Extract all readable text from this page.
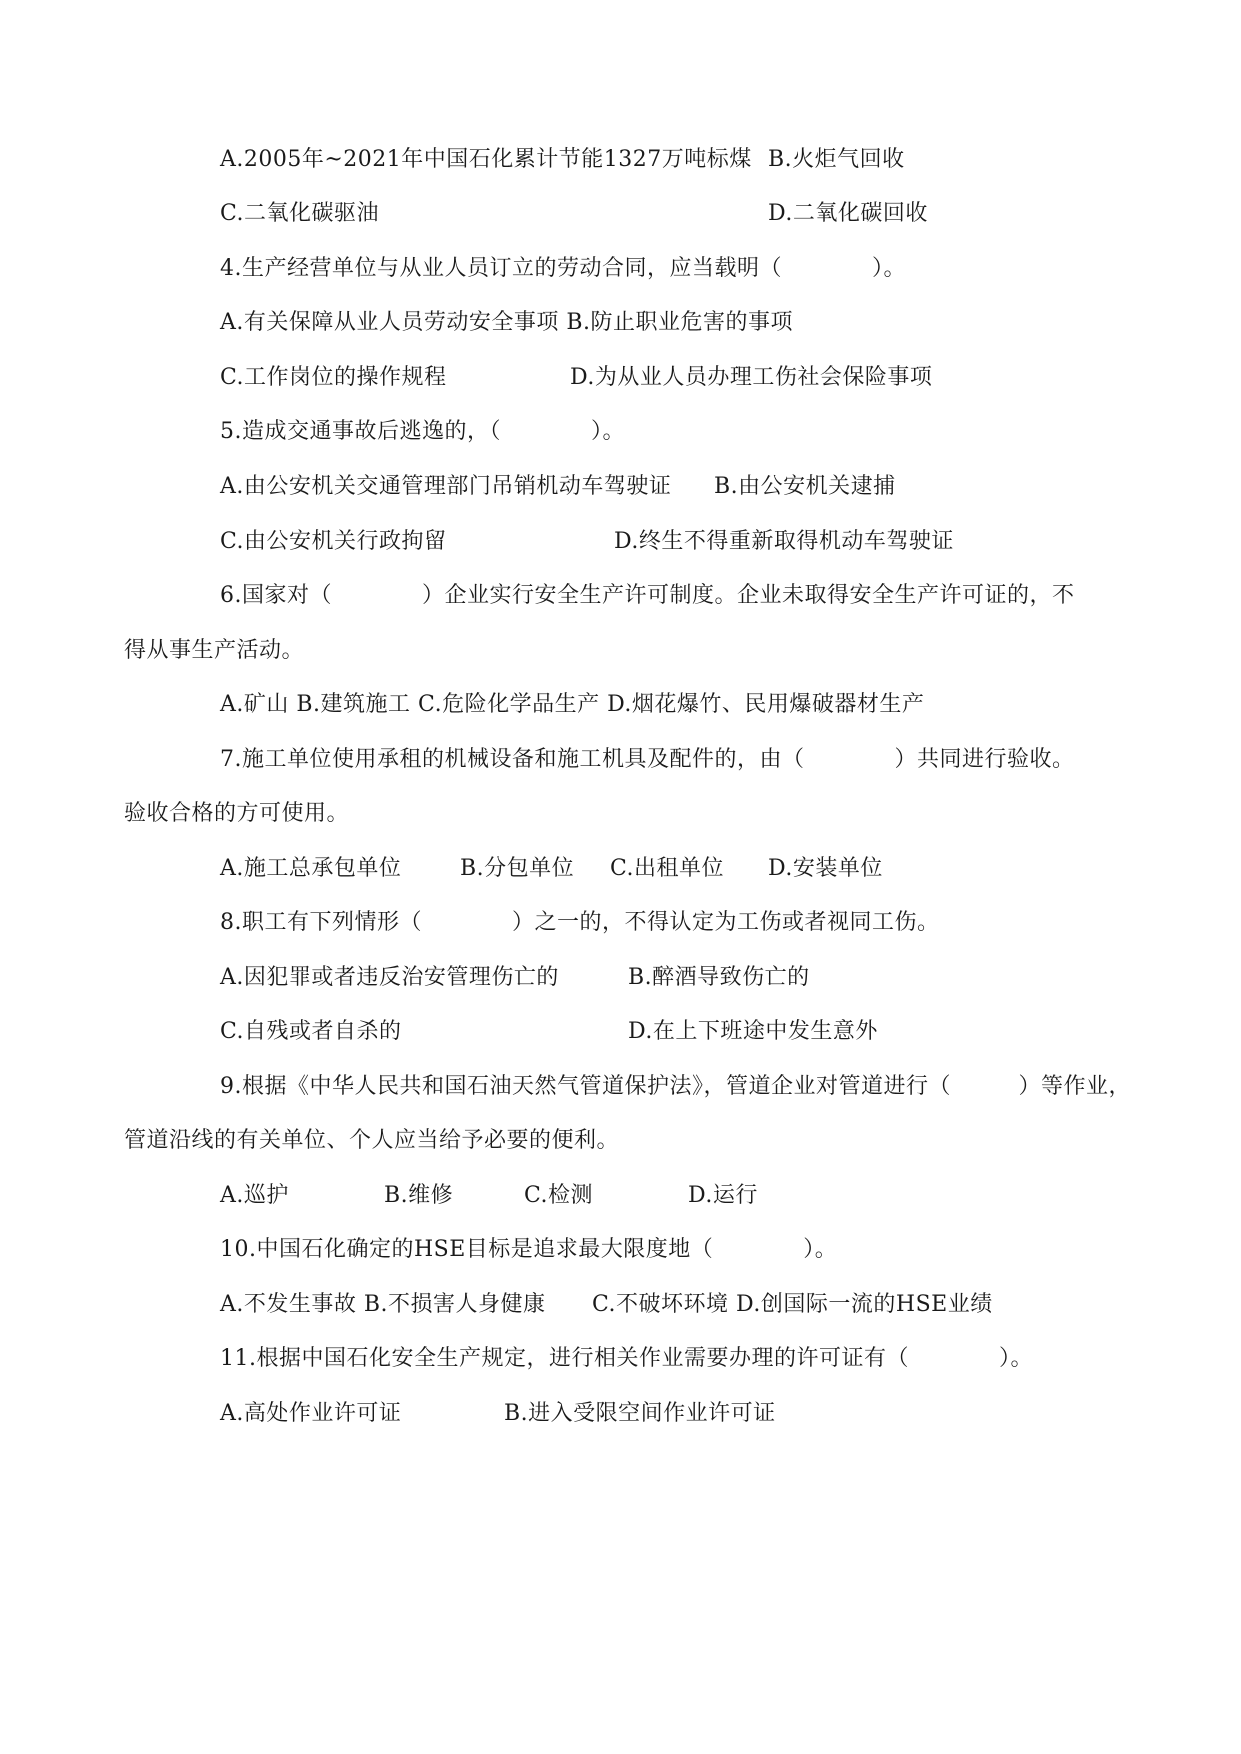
A.2005年~2021年中国石化累计节能1327万吨标煤 B.火炬气回收
C.二氧化碳驱油	D.二氧化碳回收
4.生产经营单位与从业人员订立的劳动合同，应当载明（　　　　）。
A.有关保障从业人员劳动安全事项 B.防止职业危害的事项
C.工作岗位的操作规程	D.为从业人员办理工伤社会保险事项
5.造成交通事故后逃逸的，（　　　　）。
A.由公安机关交通管理部门吊销机动车驾驶证 B.由公安机关逮捕
C.由公安机关行政拘留	D.终生不得重新取得机动车驾驶证
6.国家对（　　　　）企业实行安全生产许可制度。企业未取得安全生产许可证的，不
得从事生产活动。
A.矿山 B.建筑施工 C.危险化学品生产 D.烟花爆竹、民用爆破器材生产
7.施工单位使用承租的机械设备和施工机具及配件的，由（　　　　）共同进行验收。
验收合格的方可使用。
A.施工总承包单位	B.分包单位 C.出租单位 D.安装单位
8.职工有下列情形（　　　　）之一的，不得认定为工伤或者视同工伤。
A.因犯罪或者违反治安管理伤亡的	B.醉酒导致伤亡的
C.自残或者自杀的	D.在上下班途中发生意外
9.根据《中华人民共和国石油天然气管道保护法》，管道企业对管道进行（　　　）等作业，
管道沿线的有关单位、个人应当给予必要的便利。
A.巡护	B.维修	C.检测	D.运行
10.中国石化确定的HSE目标是追求最大限度地（　　　　）。
A.不发生事故 B.不损害人身健康 C.不破坏环境 D.创国际一流的HSE业绩
11.根据中国石化安全生产规定，进行相关作业需要办理的许可证有（　　　　）。
A.高处作业许可证	B.进入受限空间作业许可证
